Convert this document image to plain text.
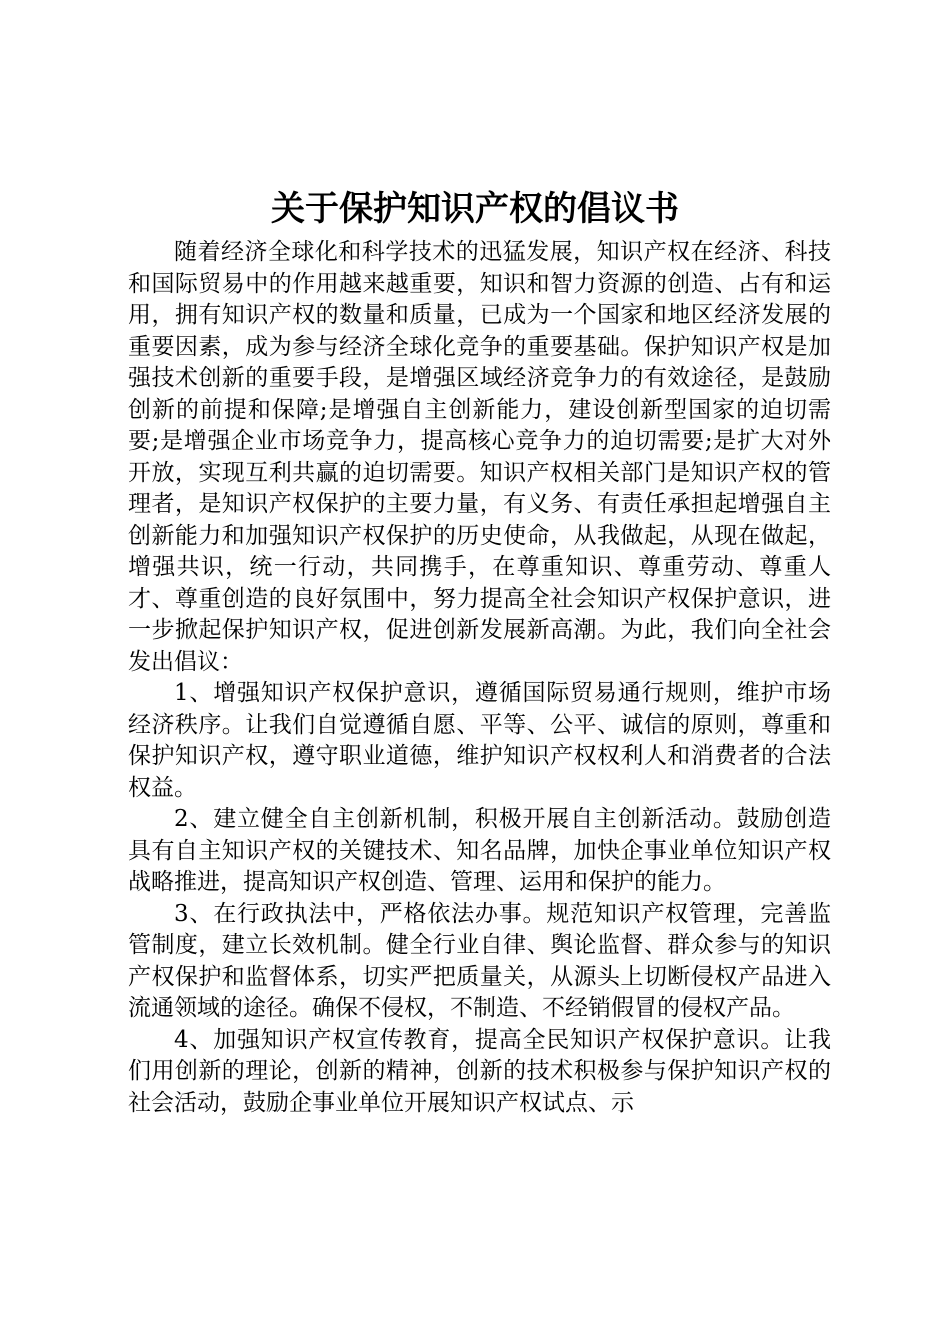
关于保护知识产权的倡议书

随着经济全球化和科学技术的迅猛发展，知识产权在经济、科技和国际贸易中的作用越来越重要，知识和智力资源的创造、占有和运用，拥有知识产权的数量和质量，已成为一个国家和地区经济发展的重要因素，成为参与经济全球化竞争的重要基础。保护知识产权是加强技术创新的重要手段，是增强区域经济竞争力的有效途径，是鼓励创新的前提和保障;是增强自主创新能力，建设创新型国家的迫切需要;是增强企业市场竞争力，提高核心竞争力的迫切需要;是扩大对外开放，实现互利共赢的迫切需要。知识产权相关部门是知识产权的管理者，是知识产权保护的主要力量，有义务、有责任承担起增强自主创新能力和加强知识产权保护的历史使命，从我做起，从现在做起，增强共识，统一行动，共同携手，在尊重知识、尊重劳动、尊重人才、尊重创造的良好氛围中，努力提高全社会知识产权保护意识，进一步掀起保护知识产权，促进创新发展新高潮。为此，我们向全社会发出倡议：

1、增强知识产权保护意识，遵循国际贸易通行规则，维护市场经济秩序。让我们自觉遵循自愿、平等、公平、诚信的原则，尊重和保护知识产权，遵守职业道德，维护知识产权权利人和消费者的合法权益。

2、建立健全自主创新机制，积极开展自主创新活动。鼓励创造具有自主知识产权的关键技术、知名品牌，加快企事业单位知识产权战略推进，提高知识产权创造、管理、运用和保护的能力。

3、在行政执法中，严格依法办事。规范知识产权管理，完善监管制度，建立长效机制。健全行业自律、舆论监督、群众参与的知识产权保护和监督体系，切实严把质量关，从源头上切断侵权产品进入流通领域的途径。确保不侵权，不制造、不经销假冒的侵权产品。

4、加强知识产权宣传教育，提高全民知识产权保护意识。让我们用创新的理论，创新的精神，创新的技术积极参与保护知识产权的社会活动，鼓励企事业单位开展知识产权试点、示
